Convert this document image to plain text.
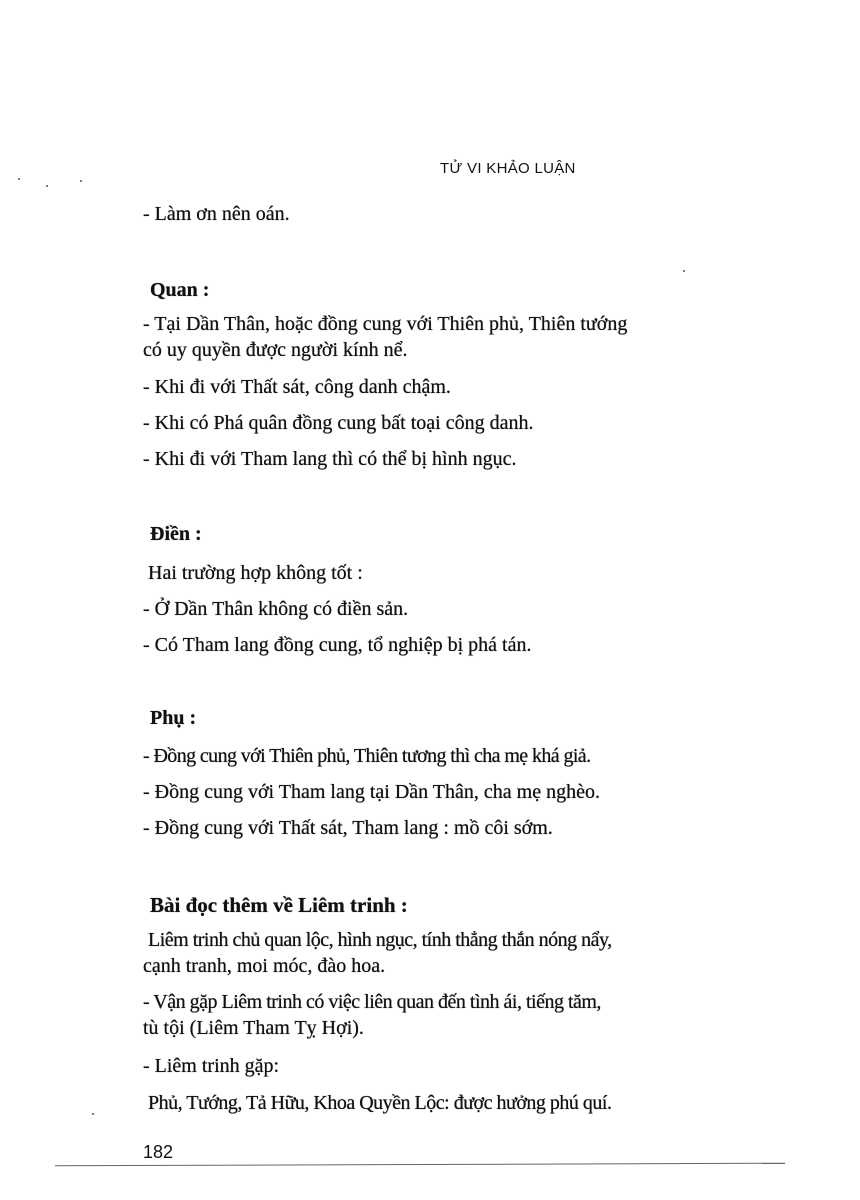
TỬ VI KHẢO LUẬN
- Làm ơn nên oán.
Quan :
- Tại Dần Thân, hoặc đồng cung với Thiên phủ, Thiên tướng
có uy quyền được người kính nể.
- Khi đi với Thất sát, công danh chậm.
- Khi có Phá quân đồng cung bất toại công danh.
- Khi đi với Tham lang thì có thể bị hình ngục.
Điền :
Hai trường hợp không tốt :
- Ở Dần Thân không có điền sản.
- Có Tham lang đồng cung, tổ nghiệp bị phá tán.
Phụ :
- Đồng cung với Thiên phủ, Thiên tương thì cha mẹ khá giả.
- Đồng cung với Tham lang tại Dần Thân, cha mẹ nghèo.
- Đồng cung với Thất sát, Tham lang : mồ côi sớm.
Bài đọc thêm về Liêm trinh :
Liêm trinh chủ quan lộc, hình ngục, tính thẳng thắn nóng nẩy,
cạnh tranh, moi móc, đào hoa.
- Vận gặp Liêm trinh có việc liên quan đến tình ái, tiếng tăm,
tù tội (Liêm Tham Tỵ Hợi).
- Liêm trinh gặp:
Phủ, Tướng, Tả Hữu, Khoa Quyền Lộc: được hưởng phú quí.
182
